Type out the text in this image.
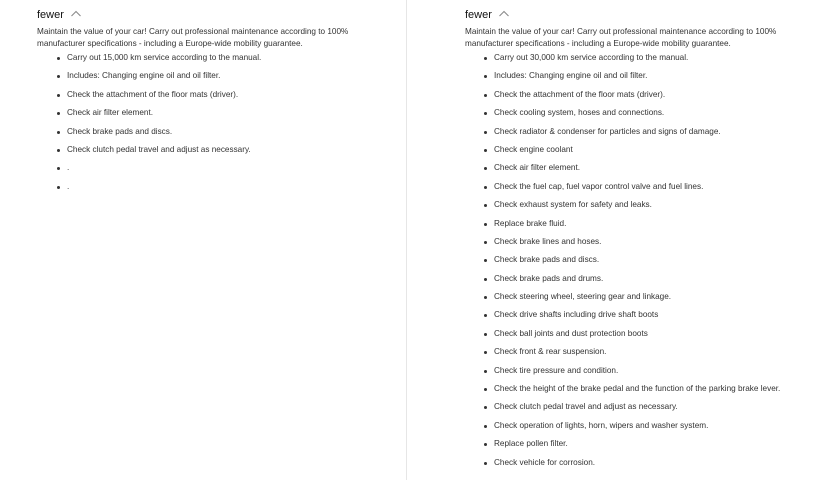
fewer

Maintain the value of your car! Carry out professional maintenance according to 100% manufacturer specifications - including a Europe-wide mobility guarantee.

Carry out 15,000 km service according to the manual.
Includes: Changing engine oil and oil filter.
Check the attachment of the floor mats (driver).
Check air filter element.
Check brake pads and discs.
Check clutch pedal travel and adjust as necessary.
.
.
fewer

Maintain the value of your car! Carry out professional maintenance according to 100% manufacturer specifications - including a Europe-wide mobility guarantee.

Carry out 30,000 km service according to the manual.
Includes: Changing engine oil and oil filter.
Check the attachment of the floor mats (driver).
Check cooling system, hoses and connections.
Check radiator & condenser for particles and signs of damage.
Check engine coolant
Check air filter element.
Check the fuel cap, fuel vapor control valve and fuel lines.
Check exhaust system for safety and leaks.
Replace brake fluid.
Check brake lines and hoses.
Check brake pads and discs.
Check brake pads and drums.
Check steering wheel, steering gear and linkage.
Check drive shafts including drive shaft boots
Check ball joints and dust protection boots
Check front & rear suspension.
Check tire pressure and condition.
Check the height of the brake pedal and the function of the parking brake lever.
Check clutch pedal travel and adjust as necessary.
Check operation of lights, horn, wipers and washer system.
Replace pollen filter.
Check vehicle for corrosion.
